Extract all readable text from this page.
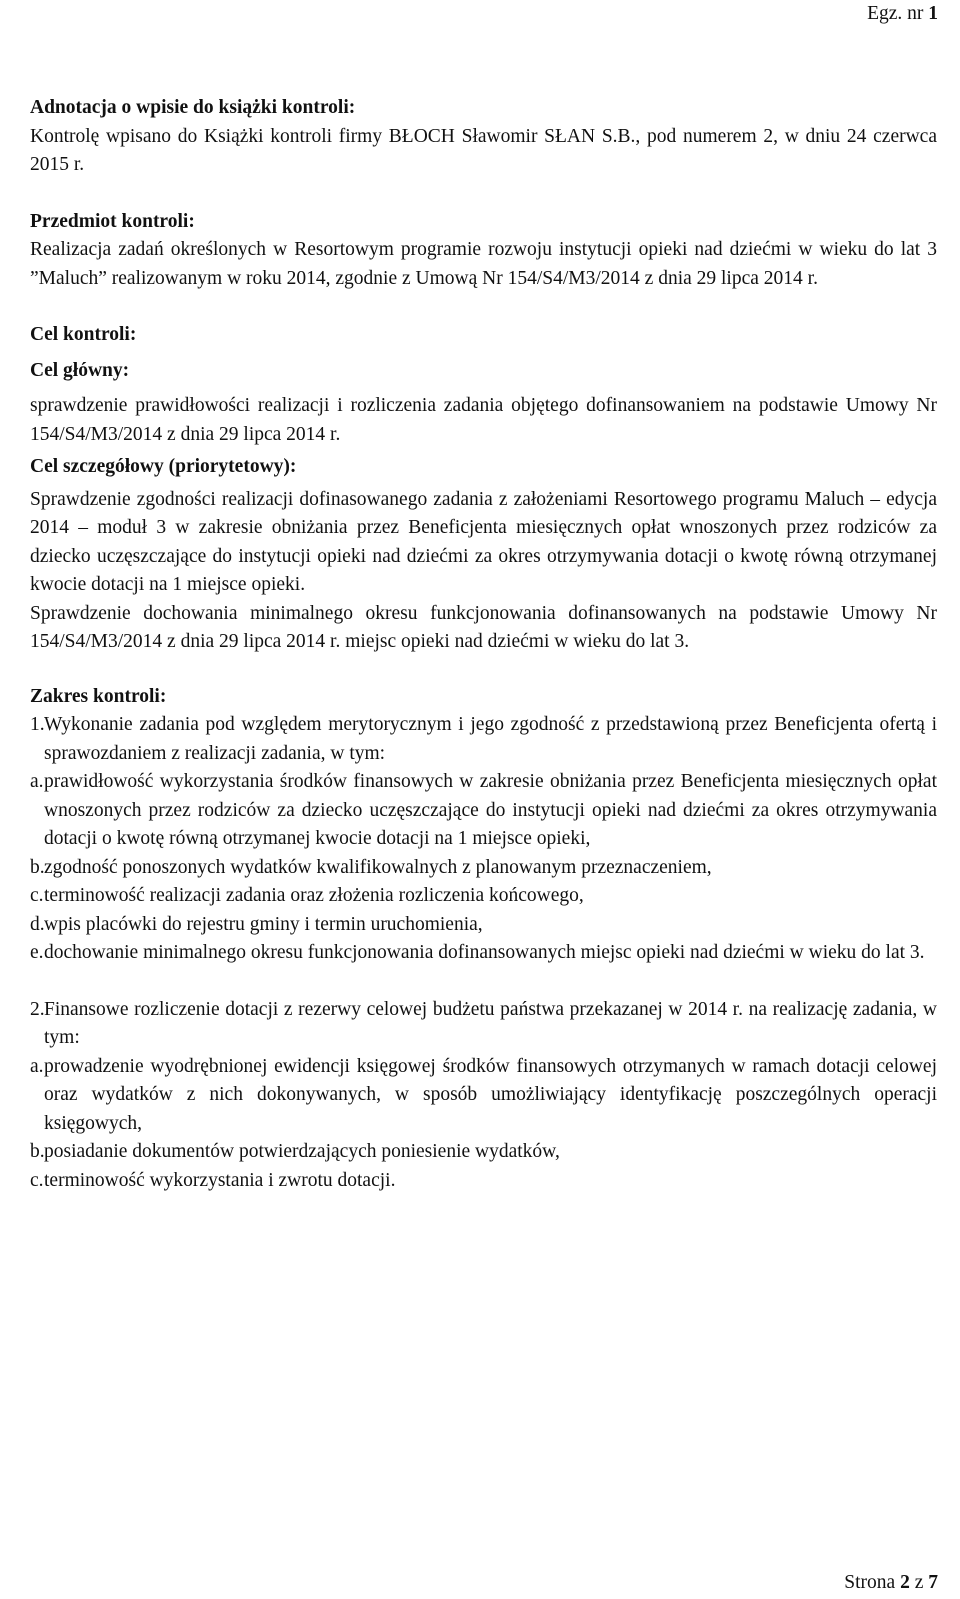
Egz. nr 1

Adnotacja o wpisie do książki kontroli:

Kontrolę wpisano do Książki kontroli firmy BŁOCH Sławomir SŁAN S.B., pod numerem 2, w dniu 24 czerwca 2015 r.

Przedmiot kontroli:

Realizacja zadań określonych w Resortowym programie rozwoju instytucji opieki nad dziećmi w wieku do lat 3 ”Maluch” realizowanym w roku 2014, zgodnie z Umową Nr 154/S4/M3/2014 z dnia 29 lipca 2014 r.

Cel kontroli:

Cel główny:

sprawdzenie prawidłowości realizacji i rozliczenia zadania objętego dofinansowaniem na podstawie Umowy Nr 154/S4/M3/2014 z dnia 29 lipca 2014 r.

Cel szczegółowy (priorytetowy):

Sprawdzenie zgodności realizacji dofinasowanego zadania z założeniami Resortowego programu Maluch – edycja 2014 – moduł 3 w zakresie obniżania przez Beneficjenta miesięcznych opłat wnoszonych przez rodziców za dziecko uczęszczające do instytucji opieki nad dziećmi za okres otrzymywania dotacji o kwotę równą otrzymanej kwocie dotacji na 1 miejsce opieki.

Sprawdzenie dochowania minimalnego okresu funkcjonowania dofinansowanych na podstawie Umowy Nr 154/S4/M3/2014 z dnia 29 lipca 2014 r. miejsc opieki nad dziećmi w wieku do lat 3.

Zakres kontroli:

1. Wykonanie zadania pod względem merytorycznym i jego zgodność z przedstawioną przez Beneficjenta ofertą i sprawozdaniem z realizacji zadania, w tym:

a. prawidłowość wykorzystania środków finansowych w zakresie obniżania przez Beneficjenta miesięcznych opłat wnoszonych przez rodziców za dziecko uczęszczające do instytucji opieki nad dziećmi za okres otrzymywania dotacji o kwotę równą otrzymanej kwocie dotacji na 1 miejsce opieki,
b. zgodność ponoszonych wydatków kwalifikowalnych z planowanym przeznaczeniem,
c. terminowość realizacji zadania oraz złożenia rozliczenia końcowego,
d. wpis placówki do rejestru gminy i termin uruchomienia,
e. dochowanie minimalnego okresu funkcjonowania dofinansowanych miejsc opieki nad dziećmi w wieku do lat 3.
2. Finansowe rozliczenie dotacji z rezerwy celowej budżetu państwa przekazanej w 2014 r. na realizację zadania, w tym:

a. prowadzenie wyodrębnionej ewidencji księgowej środków finansowych otrzymanych w ramach dotacji celowej oraz wydatków z nich dokonywanych, w sposób umożliwiający identyfikację poszczególnych operacji księgowych,
b. posiadanie dokumentów potwierdzających poniesienie wydatków,
c. terminowość wykorzystania i zwrotu dotacji.
Strona 2 z 7
